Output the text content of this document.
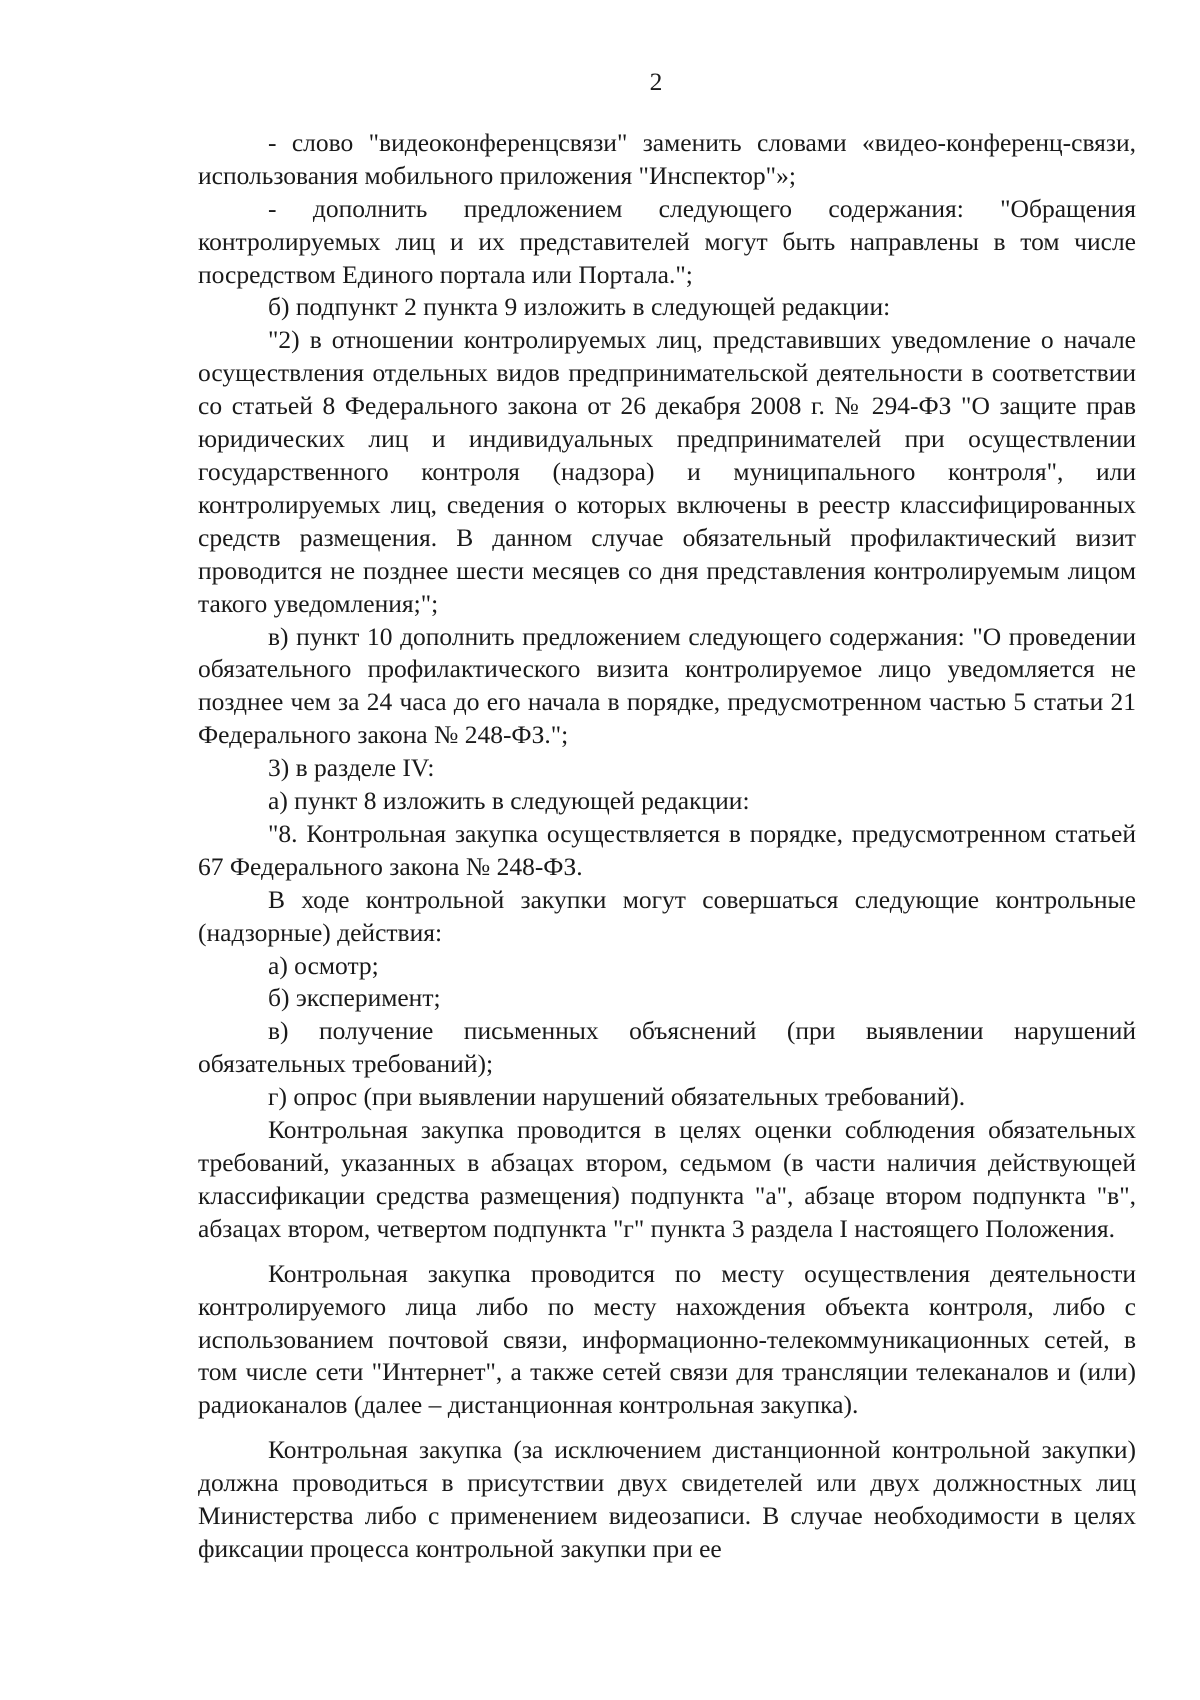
2

- слово "видеоконференцсвязи" заменить словами «видео-конференц-связи, использования мобильного приложения "Инспектор"»;

- дополнить предложением следующего содержания: "Обращения контролируемых лиц и их представителей могут быть направлены в том числе посредством Единого портала или Портала.";

б) подпункт 2 пункта 9 изложить в следующей редакции:

"2) в отношении контролируемых лиц, представивших уведомление о начале осуществления отдельных видов предпринимательской деятельности в соответствии со статьей 8 Федерального закона от 26 декабря 2008 г. № 294-ФЗ "О защите прав юридических лиц и индивидуальных предпринимателей при осуществлении государственного контроля (надзора) и муниципального контроля", или контролируемых лиц, сведения о которых включены в реестр классифицированных средств размещения. В данном случае обязательный профилактический визит проводится не позднее шести месяцев со дня представления контролируемым лицом такого уведомления;";

в) пункт 10 дополнить предложением следующего содержания: "О проведении обязательного профилактического визита контролируемое лицо уведомляется не позднее чем за 24 часа до его начала в порядке, предусмотренном частью 5 статьи 21 Федерального закона № 248-ФЗ.";

3) в разделе IV:

а) пункт 8 изложить в следующей редакции:

"8. Контрольная закупка осуществляется в порядке, предусмотренном статьей 67 Федерального закона № 248-ФЗ.

В ходе контрольной закупки могут совершаться следующие контрольные (надзорные) действия:

а) осмотр;

б) эксперимент;

в) получение письменных объяснений (при выявлении нарушений обязательных требований);

г) опрос (при выявлении нарушений обязательных требований).

Контрольная закупка проводится в целях оценки соблюдения обязательных требований, указанных в абзацах втором, седьмом (в части наличия действующей классификации средства размещения) подпункта "а", абзаце втором подпункта "в", абзацах втором, четвертом подпункта "г" пункта 3 раздела I настоящего Положения.

Контрольная закупка проводится по месту осуществления деятельности контролируемого лица либо по месту нахождения объекта контроля, либо с использованием почтовой связи, информационно-телекоммуникационных сетей, в том числе сети "Интернет", а также сетей связи для трансляции телеканалов и (или) радиоканалов (далее – дистанционная контрольная закупка).

Контрольная закупка (за исключением дистанционной контрольной закупки) должна проводиться в присутствии двух свидетелей или двух должностных лиц Министерства либо с применением видеозаписи. В случае необходимости в целях фиксации процесса контрольной закупки при ее
